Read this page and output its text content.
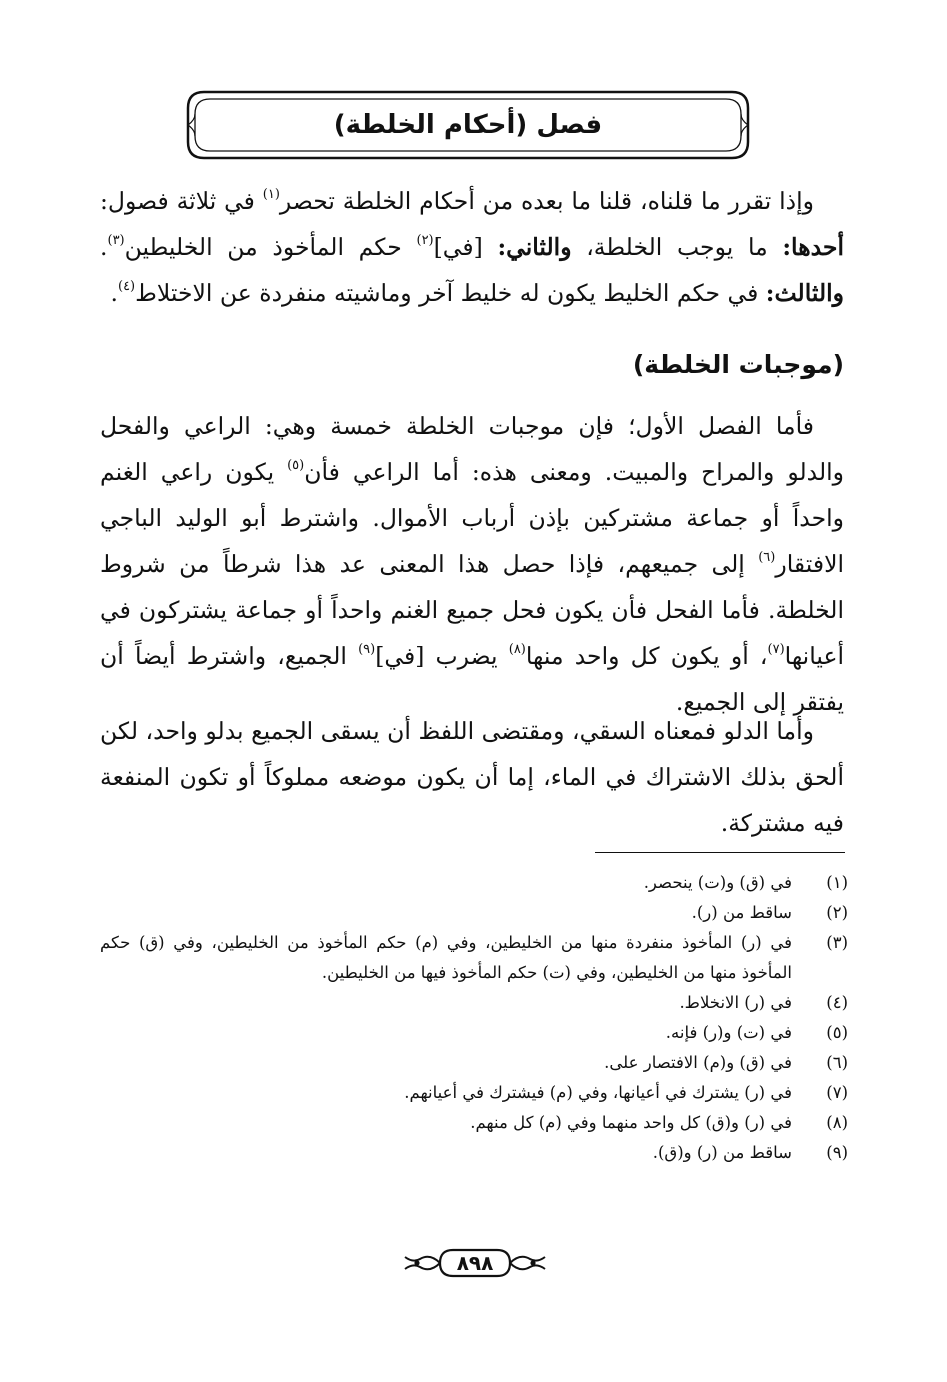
فصل (أحكام الخلطة)

وإذا تقرر ما قلناه، قلنا ما بعده من أحكام الخلطة تحصر$^{(١)}$ في ثلاثة فصول: أحدها: ما يوجب الخلطة، والثاني: [في]$^{(٢)}$ حكم المأخوذ من الخليطين$^{(٣)}$. والثالث: في حكم الخليط يكون له خليط آخر وماشيته منفردة عن الاختلاط$^{(٤)}$.

(موجبات الخلطة)

فأما الفصل الأول؛ فإن موجبات الخلطة خمسة وهي: الراعي والفحل والدلو والمراح والمبيت. ومعنى هذه: أما الراعي فأن$^{(٥)}$ يكون راعي الغنم واحداً أو جماعة مشتركين بإذن أرباب الأموال. واشترط أبو الوليد الباجي الافتقار$^{(٦)}$ إلى جميعهم، فإذا حصل هذا المعنى عد هذا شرطاً من شروط الخلطة. فأما الفحل فأن يكون فحل جميع الغنم واحداً أو جماعة يشتركون في أعيانها$^{(٧)}$، أو يكون كل واحد منها$^{(٨)}$ يضرب [في]$^{(٩)}$ الجميع، واشترط أيضاً أن يفتقر إلى الجميع.

وأما الدلو فمعناه السقي، ومقتضى اللفظ أن يسقى الجميع بدلو واحد، لكن ألحق بذلك الاشتراك في الماء، إما أن يكون موضعه مملوكاً أو تكون المنفعة فيه مشتركة.

(١)
في (ق) و(ت) ينحصر.
(٢)
ساقط من (ر).
(٣)
في (ر) المأخوذ منفردة منها من الخليطين، وفي (م) حكم المأخوذ من الخليطين، وفي (ق) حكم المأخوذ منها من الخليطين، وفي (ت) حكم المأخوذ فيها من الخليطين.
(٤)
في (ر) الانخلاط.
(٥)
في (ت) و(ر) فإنه.
(٦)
في (ق) و(م) الافتصار على.
(٧)
في (ر) يشترك في أعيانها، وفي (م) فيشترك في أعيانهم.
(٨)
في (ر) و(ق) كل واحد منهما وفي (م) كل منهم.
(٩)
ساقط من (ر) و(ق).
٨٩٨
